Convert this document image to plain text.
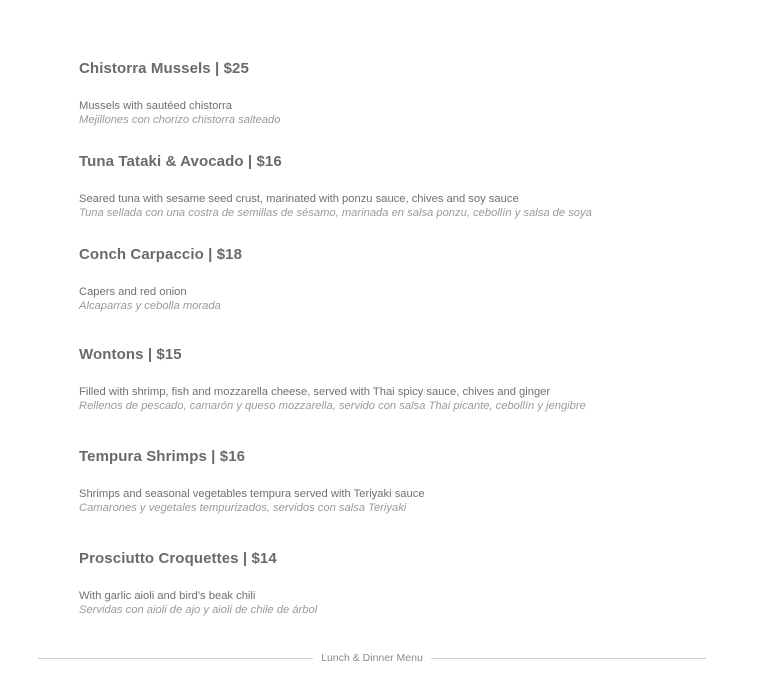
Chistorra Mussels | $25
Mussels with sautéed chistorra
Mejillones con chorizo chistorra salteado
Tuna Tataki & Avocado | $16
Seared tuna with sesame seed crust, marinated with ponzu sauce, chives and soy sauce
Tuna sellada con una costra de semillas de sésamo, marinada en salsa ponzu, cebollín y salsa de soya
Conch Carpaccio | $18
Capers and red onion
Alcaparras y cebolla morada
Wontons | $15
Filled with shrimp, fish and mozzarella cheese, served with Thai spicy sauce, chives and ginger
Rellenos de pescado, camarón y queso mozzarella, servido con salsa Thai picante, cebollín y jengibre
Tempura Shrimps | $16
Shrimps and seasonal vegetables tempura served with Teriyaki sauce
Camarones y vegetales tempurizados, servidos con salsa Teriyaki
Prosciutto Croquettes | $14
With garlic aioli and bird’s beak chili
Servidas con aioli de ajo y aioli de chile de árbol
Lunch & Dinner Menu
